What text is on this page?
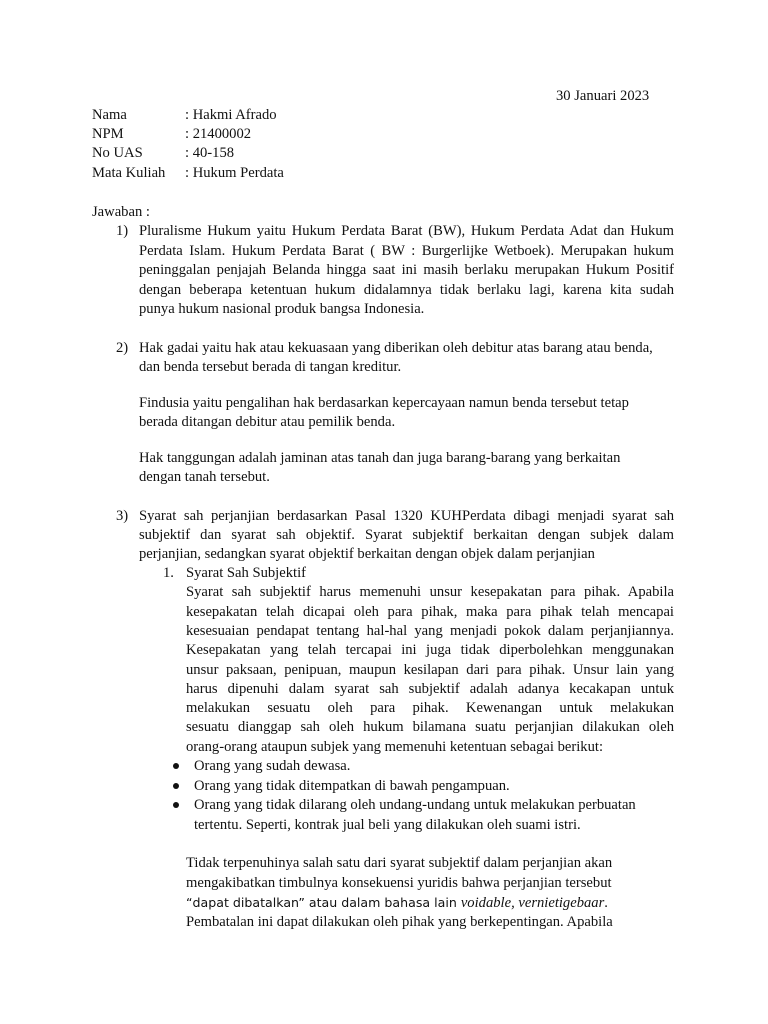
30 Januari 2023
Nama	: Hakmi Afrado
NPM	: 21400002
No UAS	: 40-158
Mata Kuliah : Hukum Perdata
Jawaban :
1) Pluralisme Hukum yaitu Hukum Perdata Barat (BW), Hukum Perdata Adat dan Hukum
Perdata Islam. Hukum Perdata Barat ( BW : Burgerlijke Wetboek). Merupakan hukum
peninggalan penjajah Belanda hingga saat ini masih berlaku merupakan Hukum Positif
dengan beberapa ketentuan hukum didalamnya tidak berlaku lagi, karena kita sudah
punya hukum nasional produk bangsa Indonesia.
2) Hak gadai yaitu hak atau kekuasaan yang diberikan oleh debitur atas barang atau benda,
dan benda tersebut berada di tangan kreditur.
Findusia yaitu pengalihan hak berdasarkan kepercayaan namun benda tersebut tetap
berada ditangan debitur atau pemilik benda.
Hak tanggungan adalah jaminan atas tanah dan juga barang-barang yang berkaitan
dengan tanah tersebut.
3) Syarat sah perjanjian berdasarkan Pasal 1320 KUHPerdata dibagi menjadi syarat sah
subjektif dan syarat sah objektif. Syarat subjektif berkaitan dengan subjek dalam
perjanjian, sedangkan syarat objektif berkaitan dengan objek dalam perjanjian
1. Syarat Sah Subjektif
Syarat sah subjektif harus memenuhi unsur kesepakatan para pihak. Apabila
kesepakatan telah dicapai oleh para pihak, maka para pihak telah mencapai
kesesuaian pendapat tentang hal-hal yang menjadi pokok dalam perjanjiannya.
Kesepakatan yang telah tercapai ini juga tidak diperbolehkan menggunakan
unsur paksaan, penipuan, maupun kesilapan dari para pihak. Unsur lain yang
harus dipenuhi dalam syarat sah subjektif adalah adanya kecakapan untuk
melakukan sesuatu oleh para pihak. Kewenangan untuk melakukan
sesuatu dianggap sah oleh hukum bilamana suatu perjanjian dilakukan oleh
orang-orang ataupun subjek yang memenuhi ketentuan sebagai berikut:
Orang yang sudah dewasa.
Orang yang tidak ditempatkan di bawah pengampuan.
Orang yang tidak dilarang oleh undang-undang untuk melakukan perbuatan
tertentu. Seperti, kontrak jual beli yang dilakukan oleh suami istri.
Tidak terpenuhinya salah satu dari syarat subjektif dalam perjanjian akan
mengakibatkan timbulnya konsekuensi yuridis bahwa perjanjian tersebut
“dapat dibatalkan” atau dalam bahasa lain voidable, vernietigebaar.
Pembatalan ini dapat dilakukan oleh pihak yang berkepentingan. Apabila
